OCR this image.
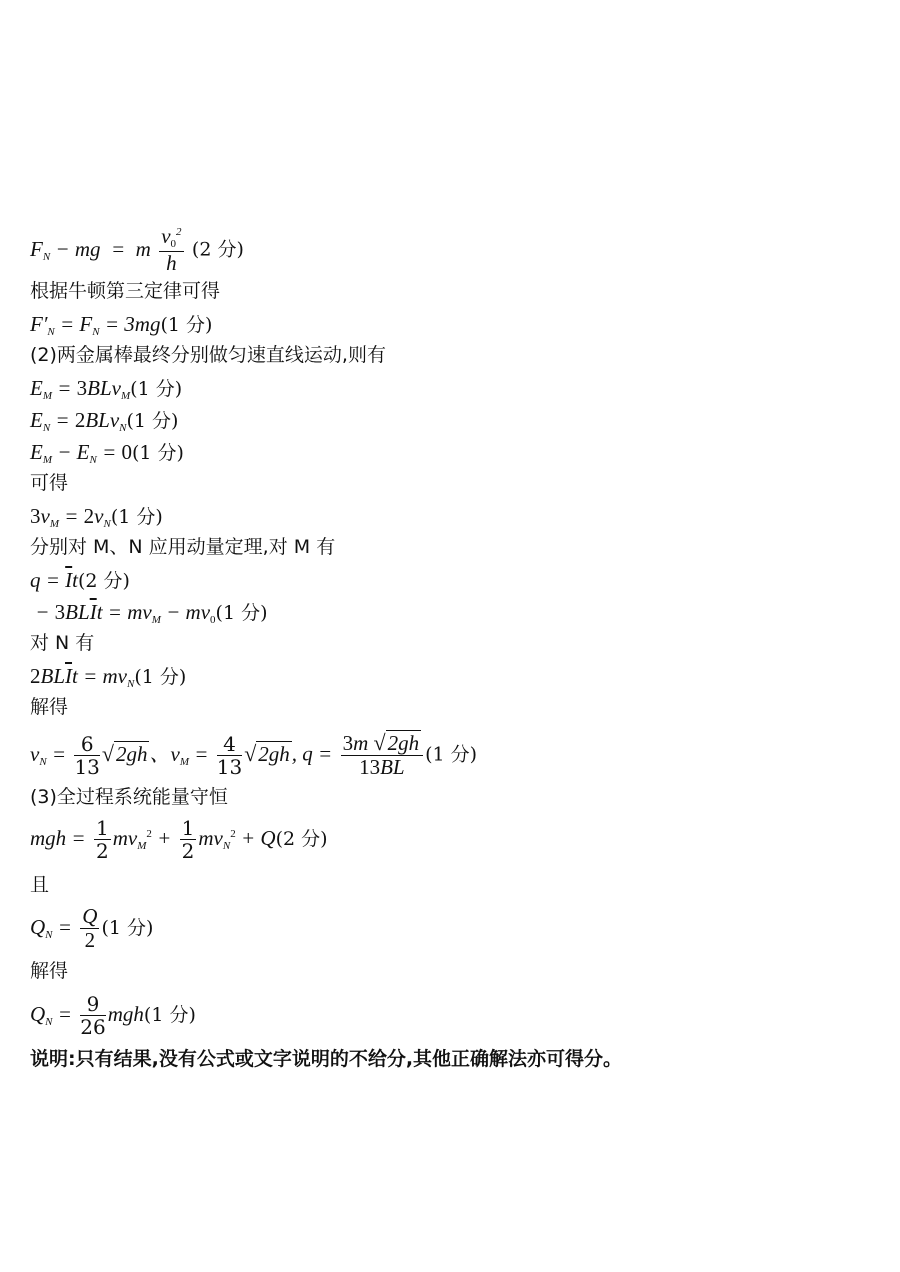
$F_N$ − mg  =  m $\frac{v_0^2}{h} (2$ 分)
根据牛顿第三定律可得
$F'_N = F_N = 3mg(1$ 分)
(2)两金属棒最终分别做匀速直线运动,则有
$E_M = 3BLv_M(1$ 分)
$E_N = 2BLv_N(1$ 分)
$E_M - E_N = 0(1$ 分)
可得
$3v_M = 2v_N(1$ 分)
分别对 M、N 应用动量定理,对 M 有
$q = \overline{I}t(2$ 分)
− $3BL\overline{I}t = mv_M - mv_0(1$ 分)
对 N 有
$2BL\overline{I}t = mv_N(1$ 分)
解得
$v_N = \frac{6}{13} √2gh$、$v_M = \frac{4}{13} √2gh$, $q = \frac{3m √2gh}{13BL} (1$ 分)
(3)全过程系统能量守恒
mgh = $\frac{1}{2} mv_M^2 + \frac{1}{2} mv_N^2 + Q(2$ 分)
且
$Q_N = \frac{Q}{2} (1$ 分)
解得
$Q_N = \frac{9}{26} mgh(1$ 分)
说明:只有结果,没有公式或文字说明的不给分,其他正确解法亦可得分。
